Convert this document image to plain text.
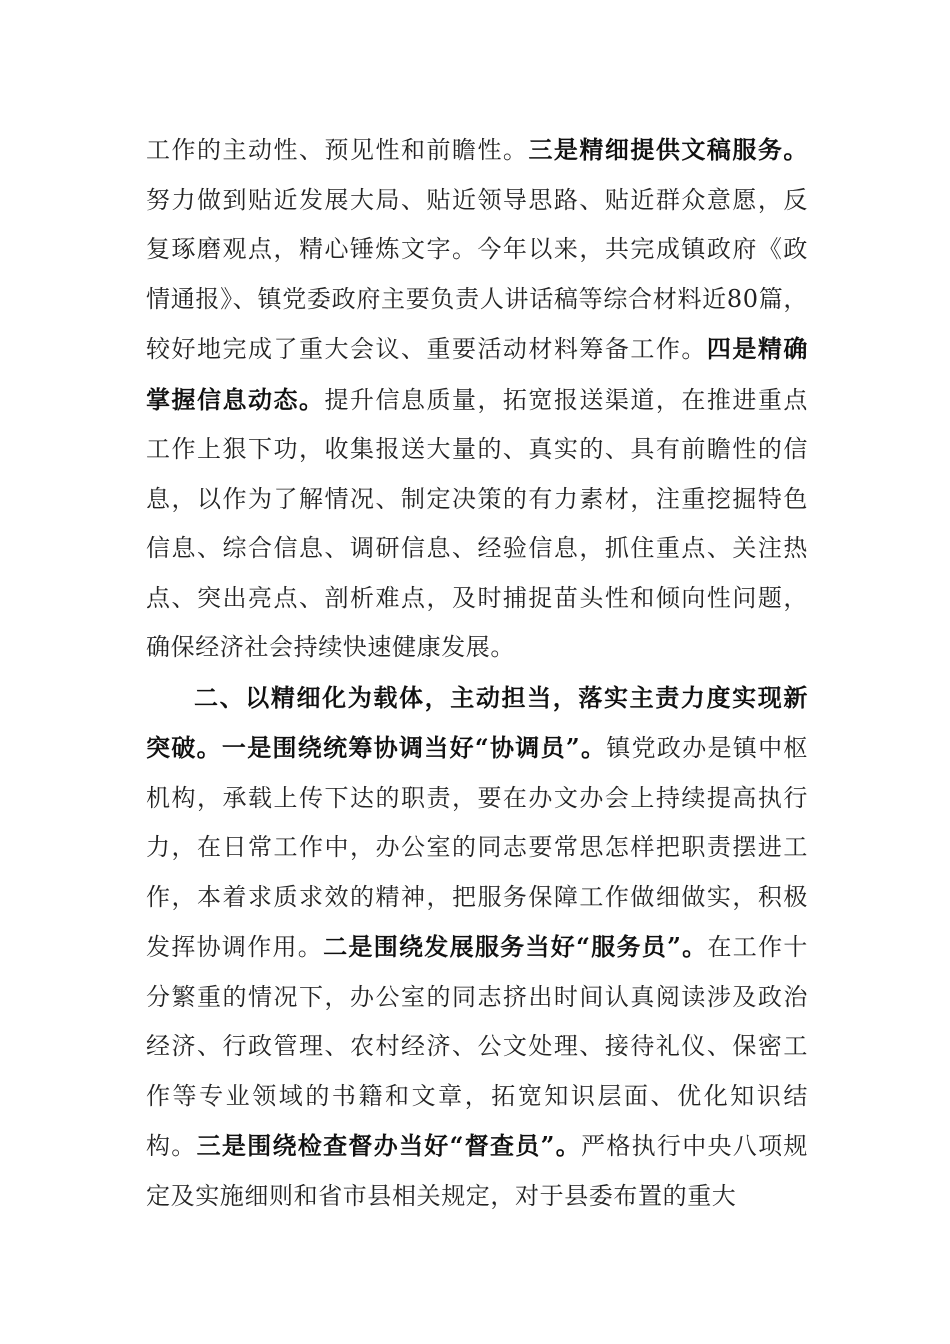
工作的主动性、预见性和前瞻性。三是精细提供文稿服务。努力做到贴近发展大局、贴近领导思路、贴近群众意愿，反复琢磨观点，精心锤炼文字。今年以来，共完成镇政府《政情通报》、镇党委政府主要负责人讲话稿等综合材料近80篇，较好地完成了重大会议、重要活动材料筹备工作。四是精确掌握信息动态。提升信息质量，拓宽报送渠道，在推进重点工作上狠下功，收集报送大量的、真实的、具有前瞻性的信息，以作为了解情况、制定决策的有力素材，注重挖掘特色信息、综合信息、调研信息、经验信息，抓住重点、关注热点、突出亮点、剖析难点，及时捕捉苗头性和倾向性问题，确保经济社会持续快速健康发展。

二、以精细化为载体，主动担当，落实主责力度实现新突破。一是围绕统筹协调当好“协调员”。镇党政办是镇中枢机构，承载上传下达的职责，要在办文办会上持续提高执行力，在日常工作中，办公室的同志要常思怎样把职责摆进工作，本着求质求效的精神，把服务保障工作做细做实，积极发挥协调作用。二是围绕发展服务当好“服务员”。在工作十分繁重的情况下，办公室的同志挤出时间认真阅读涉及政治经济、行政管理、农村经济、公文处理、接待礼仪、保密工作等专业领域的书籍和文章，拓宽知识层面、优化知识结构。三是围绕检查督办当好“督查员”。严格执行中央八项规定及实施细则和省市县相关规定，对于县委布置的重大
